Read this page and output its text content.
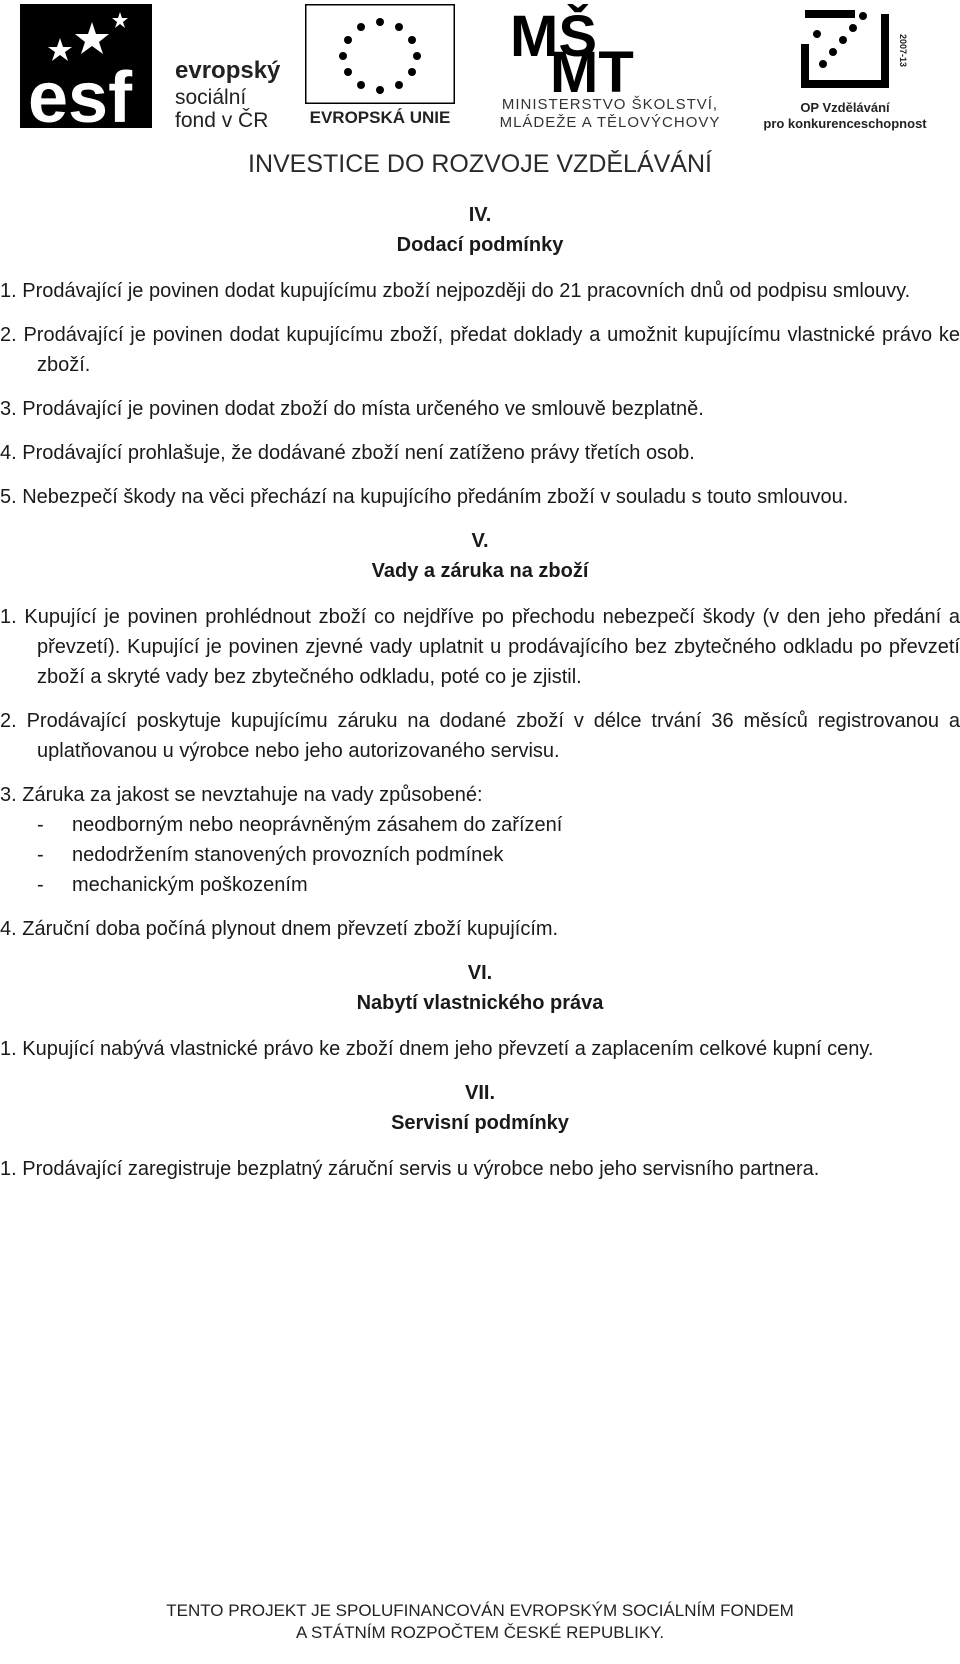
esf evropský
sociální
fond v ČR	EVROPSKÁ UNIE
MŠ
MT
MINISTERSTVO ŠKOLSTVÍ,
MLÁDEŽE A TĚLOVÝCHOVY
2007-13
OP Vzdělávání
pro konkurenceschopnost
INVESTICE DO ROZVOJE VZDĚLÁVÁNÍ
IV.
Dodací podmínky

1. Prodávající je povinen dodat kupujícímu zboží nejpozději do 21 pracovních dnů od podpisu smlouvy.

2. Prodávající je povinen dodat kupujícímu zboží, předat doklady a umožnit kupujícímu vlastnické právo ke zboží.

3. Prodávající je povinen dodat zboží do místa určeného ve smlouvě bezplatně.

4. Prodávající prohlašuje, že dodávané zboží není zatíženo právy třetích osob.

5. Nebezpečí škody na věci přechází na kupujícího předáním zboží v souladu s touto smlouvou.

V.
Vady a záruka na zboží

1. Kupující je povinen prohlédnout zboží co nejdříve po přechodu nebezpečí škody (v den jeho předání a převzetí). Kupující je povinen zjevné vady uplatnit u prodávajícího bez zbytečného odkladu po převzetí zboží a skryté vady bez zbytečného odkladu, poté co je zjistil.

2. Prodávající poskytuje kupujícímu záruku na dodané zboží v délce trvání 36 měsíců registrovanou a uplatňovanou u výrobce nebo jeho autorizovaného servisu.

3. Záruka za jakost se nevztahuje na vady způsobené:

- neodborným nebo neoprávněným zásahem do zařízení

- nedodržením stanovených provozních podmínek

- mechanickým poškozením

4. Záruční doba počíná plynout dnem převzetí zboží kupujícím.

VI.
Nabytí vlastnického práva

1. Kupující nabývá vlastnické právo ke zboží dnem jeho převzetí a zaplacením celkové kupní ceny.

VII.
Servisní podmínky

1. Prodávající zaregistruje bezplatný záruční servis u výrobce nebo jeho servisního partnera.

TENTO PROJEKT JE SPOLUFINANCOVÁN EVROPSKÝM SOCIÁLNÍM FONDEM
A STÁTNÍM ROZPOČTEM ČESKÉ REPUBLIKY.
